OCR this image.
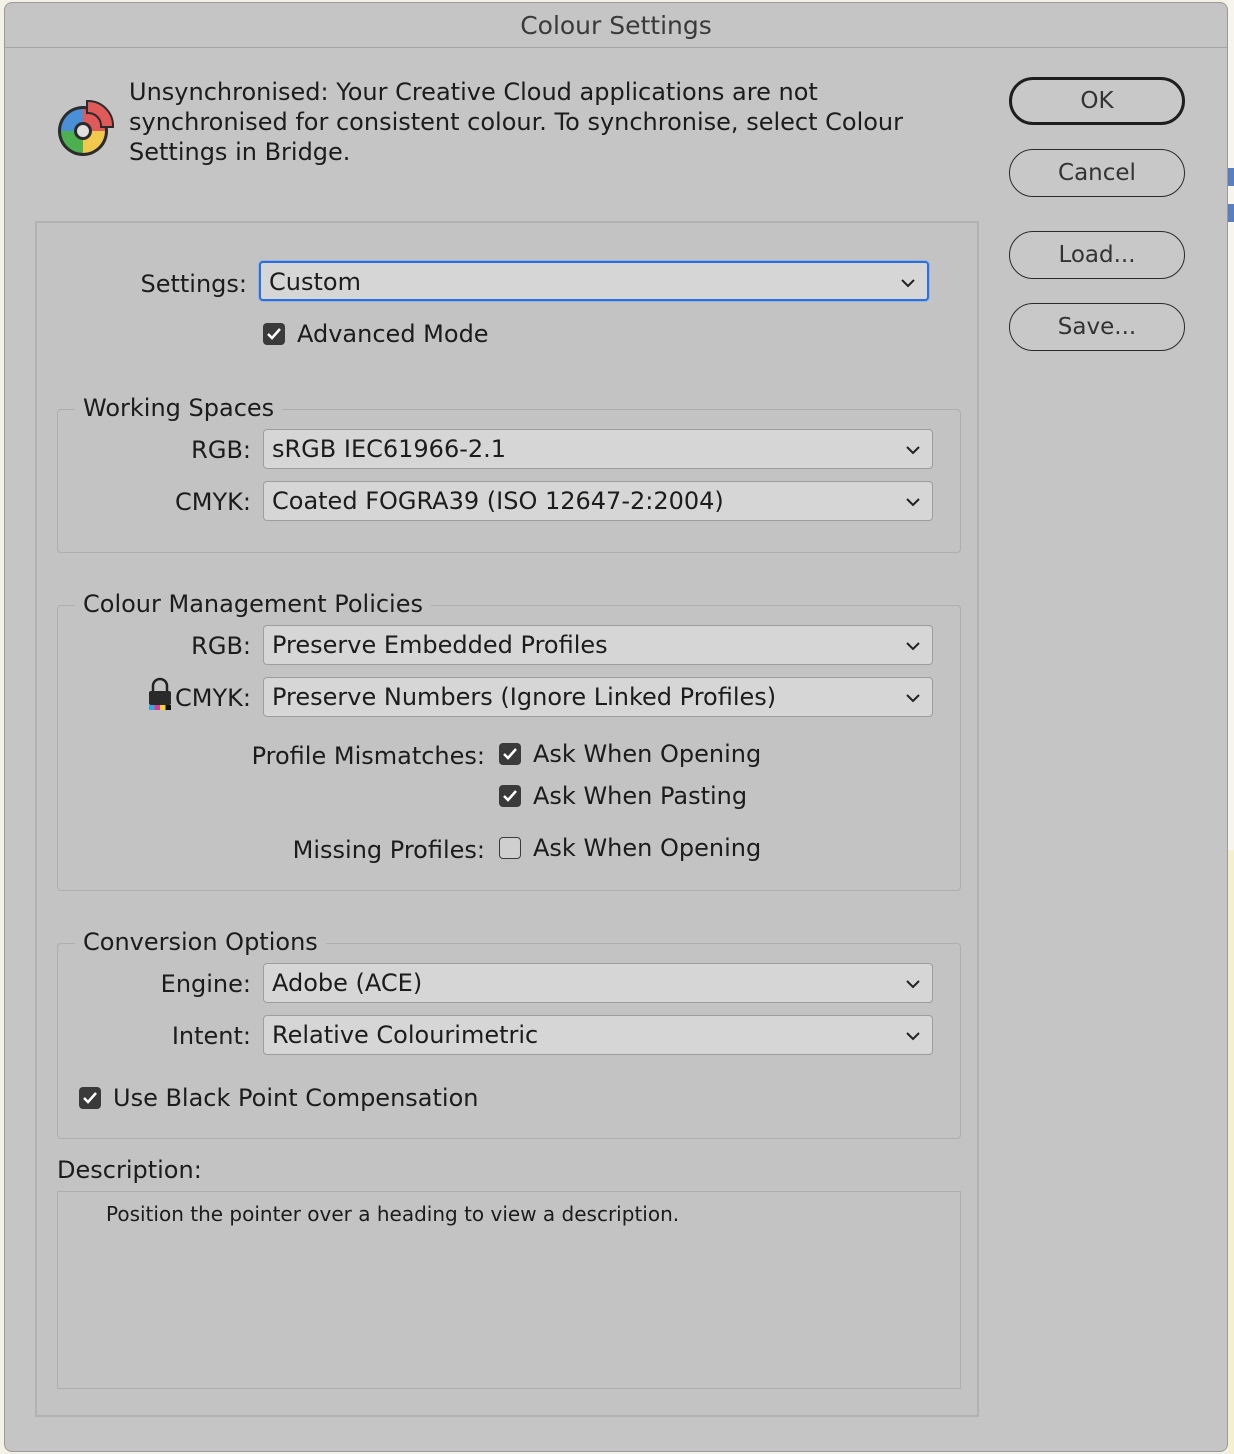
Colour Settings
Unsynchronised: Your Creative Cloud applications are not synchronised for consistent colour. To synchronise, select Colour Settings in Bridge.
OK
Cancel
Load...
Save...
Settings: Custom
Advanced Mode
Working Spaces
RGB: sRGB IEC61966-2.1
CMYK: Coated FOGRA39 (ISO 12647-2:2004)
Colour Management Policies
RGB: Preserve Embedded Profiles
CMYK: Preserve Numbers (Ignore Linked Profiles)
Profile Mismatches: Ask When Opening
Ask When Pasting
Missing Profiles: Ask When Opening
Conversion Options
Engine: Adobe (ACE)
Intent: Relative Colourimetric
Use Black Point Compensation
Description:
Position the pointer over a heading to view a description.
